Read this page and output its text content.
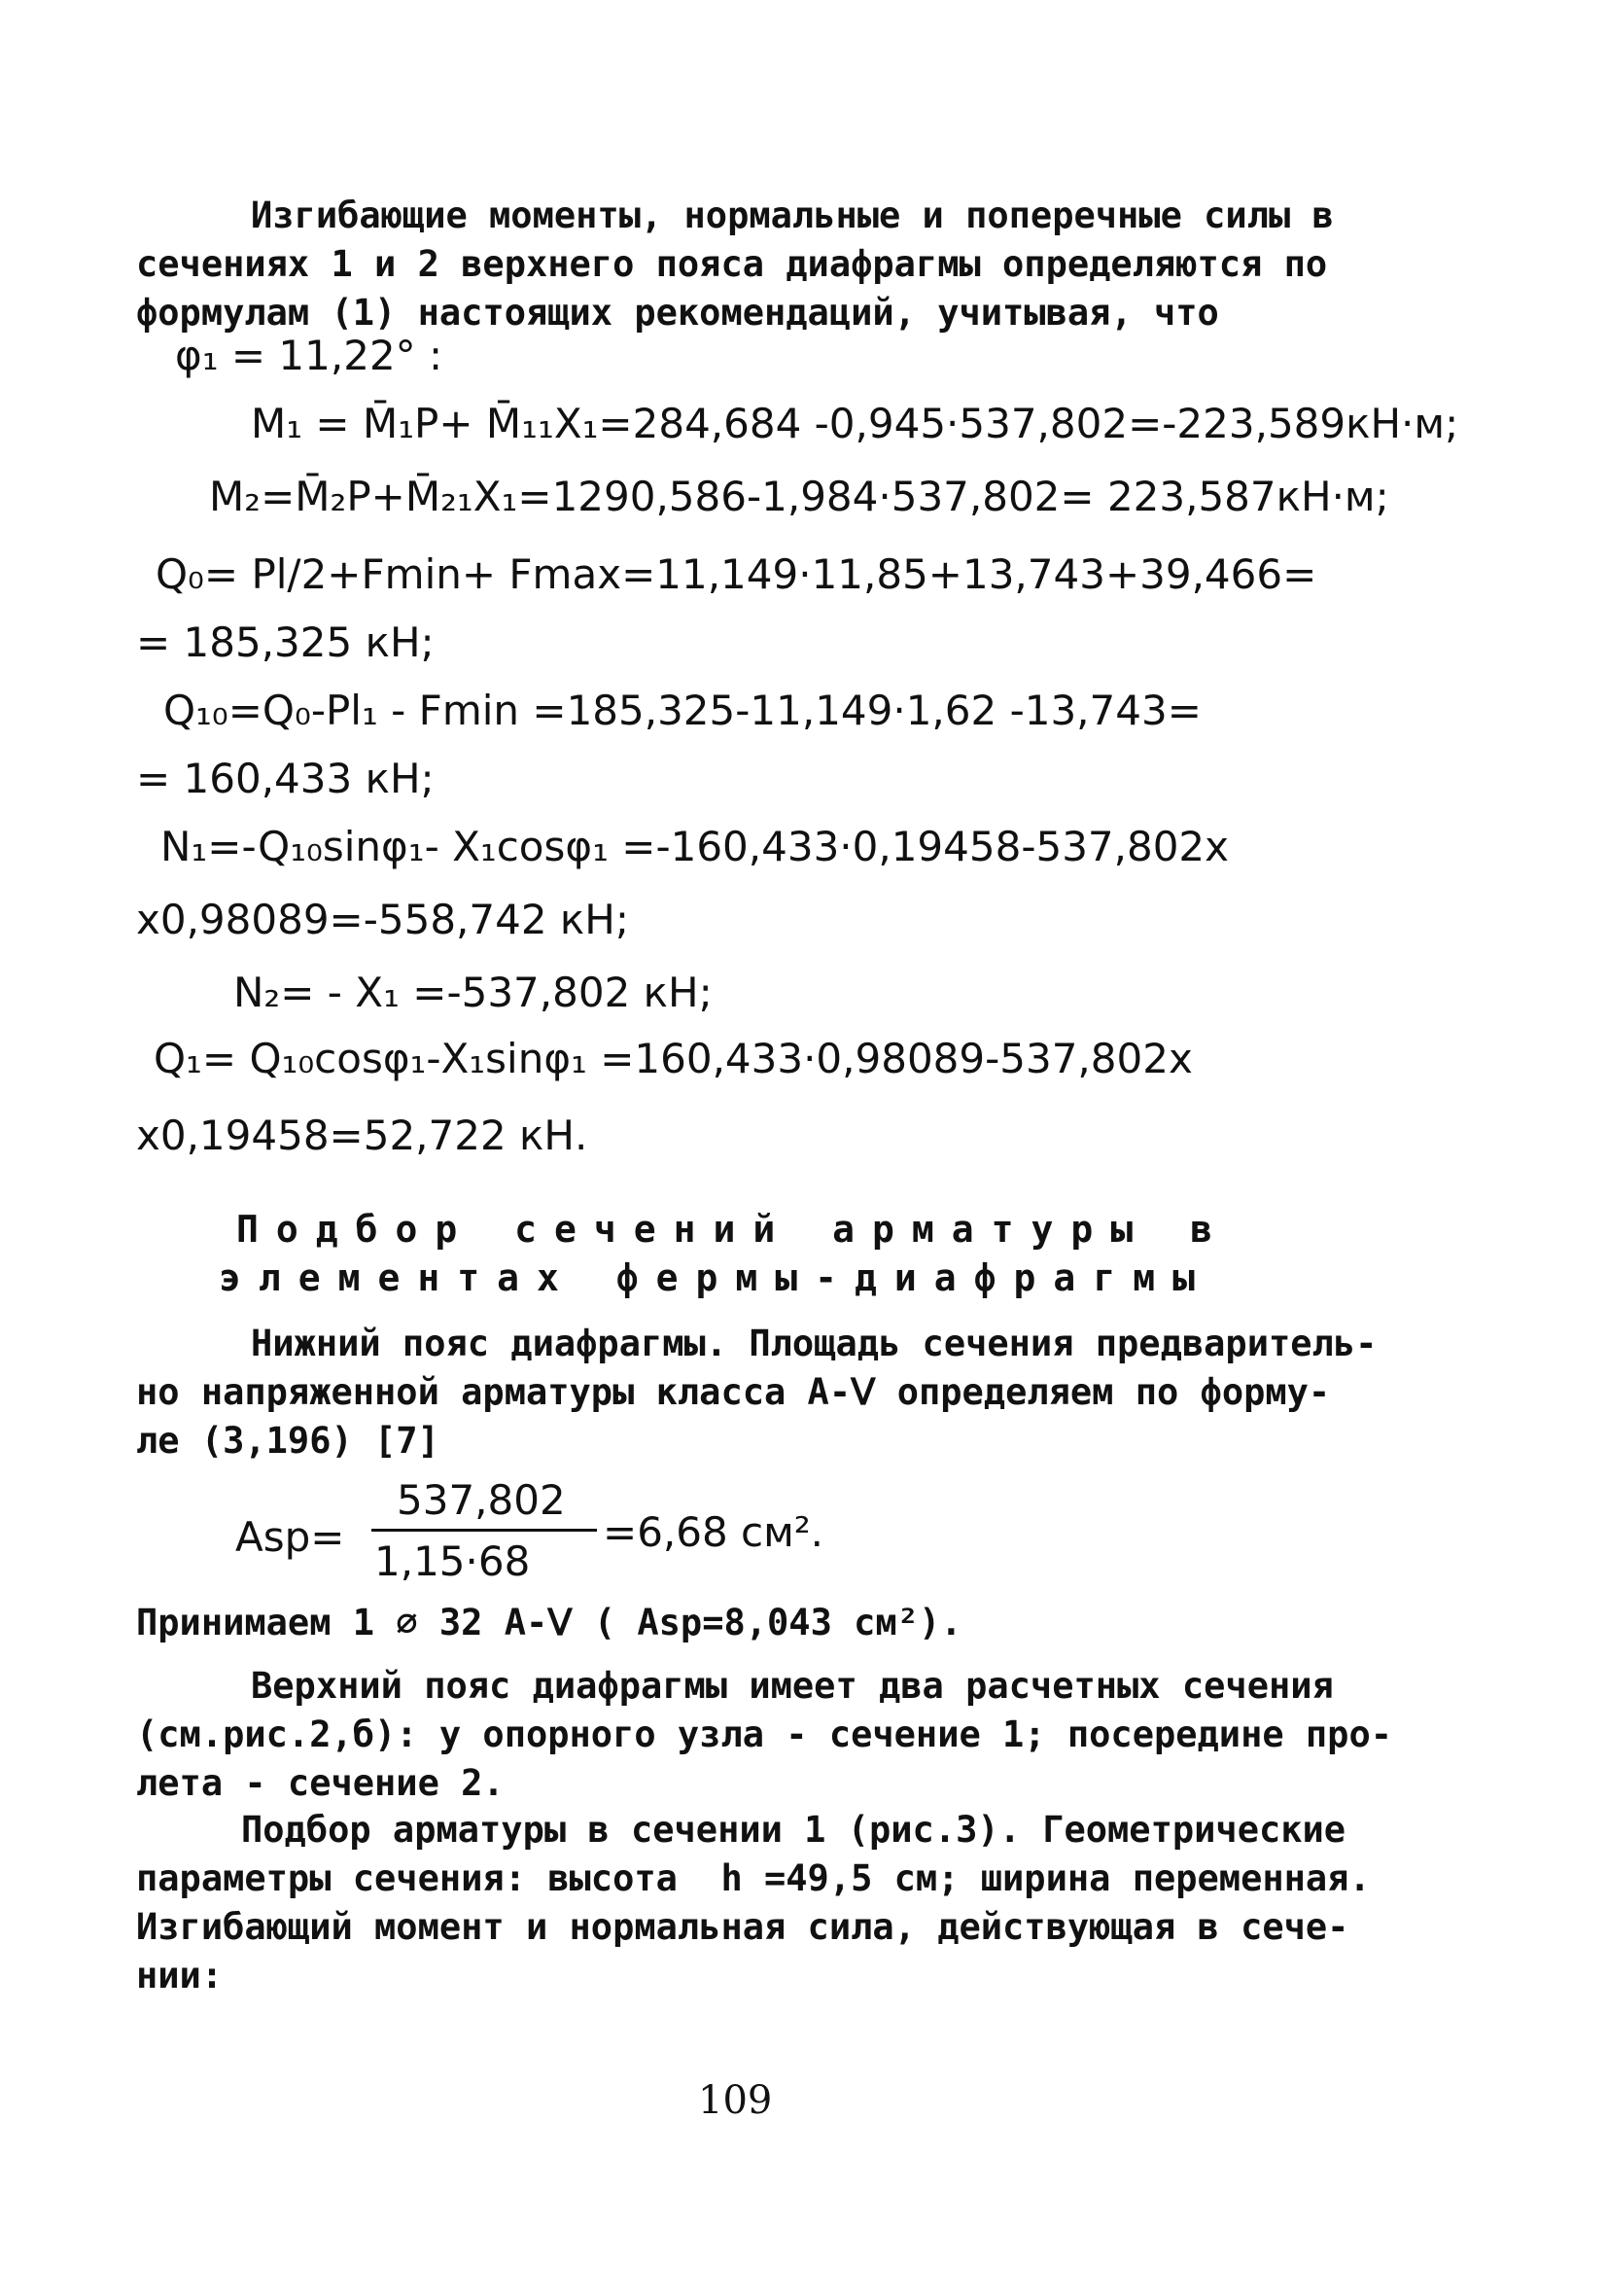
Изгибающие моменты, нормальные и поперечные силы в
сечениях 1 и 2 верхнего пояса диафрагмы определяются по
формулам (1) настоящих рекомендаций, учитывая, что
φ₁ = 11,22° :
M₁ = M̄₁P+ M̄₁₁X₁=284,684 -0,945·537,802=-223,589кН·м;
M₂=M̄₂P+M̄₂₁X₁=1290,586-1,984·537,802= 223,587кН·м;
Q₀= Pl/2+Fmin+ Fmax=11,149·11,85+13,743+39,466=
= 185,325 кН;
Q₁₀=Q₀-Pl₁ - Fmin =185,325-11,149·1,62 -13,743=
= 160,433 кН;
N₁=-Q₁₀sinφ₁- X₁cosφ₁ =-160,433·0,19458-537,802x
x0,98089=-558,742 кН;
N₂= - X₁ =-537,802 кН;
Q₁= Q₁₀cosφ₁-X₁sinφ₁ =160,433·0,98089-537,802x
x0,19458=52,722 кН.
Подбор сечений арматуры в
элементах фермы-диафрагмы
Нижний пояс диафрагмы. Площадь сечения предваритель-
но напряженной арматуры класса А-Ⅴ определяем по форму-
ле (3,196) [7]
Asp=
537,802
1,15·68
=6,68 см².
Принимаем 1 ∅ 32 А-Ⅴ ( Asp=8,043 см²).
Верхний пояс диафрагмы имеет два расчетных сечения
(см.рис.2,б): у опорного узла - сечение 1; посередине про-
лета - сечение 2.
Подбор арматуры в сечении 1 (рис.3). Геометрические
параметры сечения: высота  h =49,5 см; ширина переменная.
Изгибающий момент и нормальная сила, действующая в сече-
нии:
109
